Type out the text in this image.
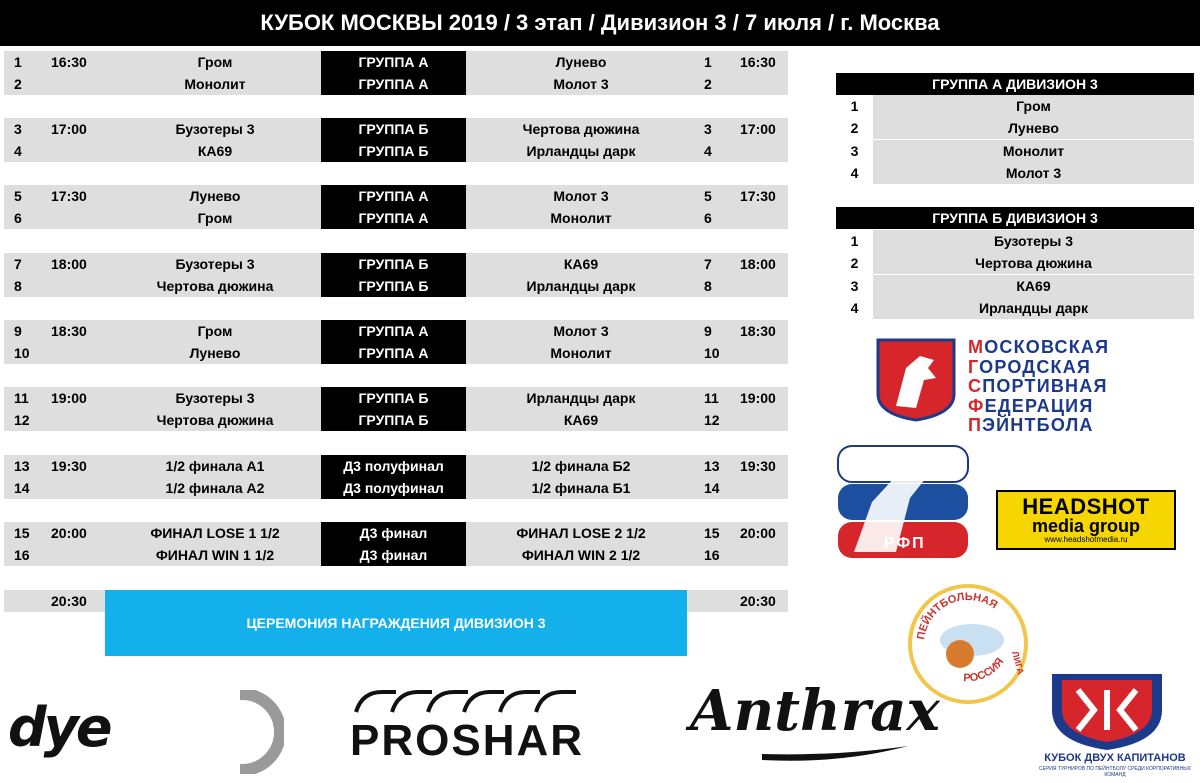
КУБОК МОСКВЫ 2019 / 3 этап / Дивизион 3 / 7 июля / г. Москва
1 16:30	Гром	ГРУППА А	Лунево	1 16:30
2	Монолит	ГРУППА А	Молот 3	2
3 17:00	Бузотеры 3	ГРУППА Б	Чертова дюжина	3 17:00
4	КА69	ГРУППА Б	Ирландцы дарк	4
5 17:30	Лунево	ГРУППА А	Молот 3	5 17:30
6	Гром	ГРУППА А	Монолит	6
7 18:00	Бузотеры 3	ГРУППА Б	КА69	7 18:00
8	Чертова дюжина	ГРУППА Б	Ирландцы дарк	8
9 18:30	Гром	ГРУППА А	Молот 3	9 18:30
10	Лунево	ГРУППА А	Монолит	10
11 19:00	Бузотеры 3	ГРУППА Б	Ирландцы дарк	11 19:00
12	Чертова дюжина	ГРУППА Б	КА69	12
13 19:30	1/2 финала А1	Д3 полуфинал	1/2 финала Б2	13 19:30
14	1/2 финала А2	Д3 полуфинал	1/2 финала Б1	14
15 20:00	ФИНАЛ LOSE 1 1/2	Д3 финал	ФИНАЛ LOSE 2 1/2	15 20:00
16	ФИНАЛ WIN 1 1/2	Д3 финал	ФИНАЛ WIN 2 1/2	16
20:30	20:30
ЦЕРЕМОНИЯ НАГРАЖДЕНИЯ ДИВИЗИОН 3
ГРУППА А ДИВИЗИОН 3
1	Гром
2	Лунево
3	Монолит
4	Молот 3
ГРУППА Б ДИВИЗИОН 3
1	Бузотеры 3
2	Чертова дюжина
3	КА69
4	Ирландцы дарк
МОСКОВСКАЯ
ГОРОДСКАЯ
СПОРТИВНАЯ
ФЕДЕРАЦИЯ
ПЭЙНТБОЛА
РФП
HEADSHOT
media group
www.headshotmedia.ru
ПЕЙНТБОЛЬНАЯ
РОССИЯ ЛИГА
dye	PROSHAR Anthrax
КУБОК ДВУХ КАПИТАНОВ
СЕРИЯ ТУРНИРОВ ПО ПЕЙНТБОЛУ СРЕДИ КОРПОРАТИВНЫХ КОМАНД
